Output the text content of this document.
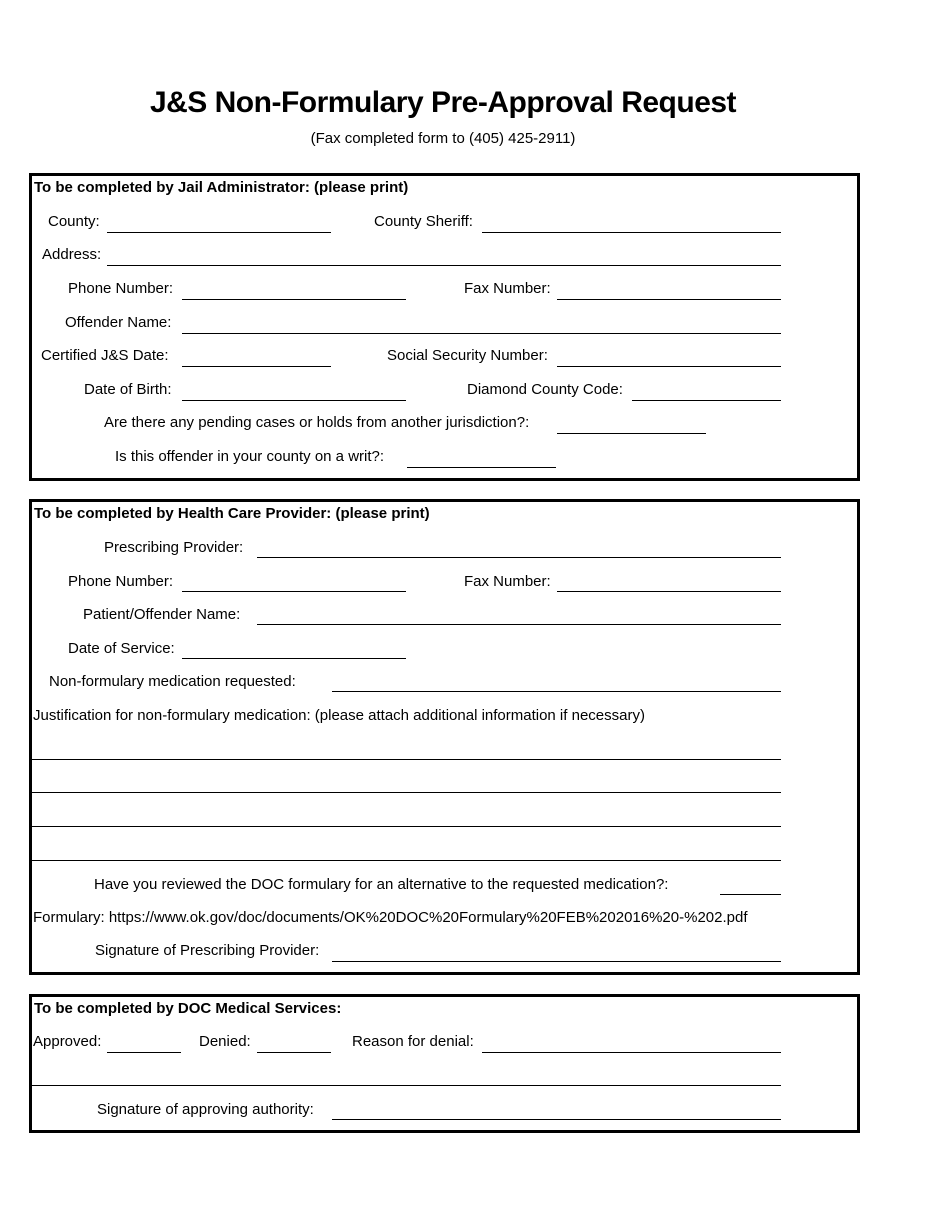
J&S Non-Formulary Pre-Approval Request
(Fax completed form to (405) 425-2911)
To be completed by Jail Administrator: (please print)
County:	County Sheriff:
Address:
Phone Number:	Fax Number:
Offender Name:
Certified J&S Date:	Social Security Number:
Date of Birth:	Diamond County Code:
Are there any pending cases or holds from another jurisdiction?:
Is this offender in your county on a writ?:
To be completed by Health Care Provider: (please print)
Prescribing Provider:
Phone Number:	Fax Number:
Patient/Offender Name:
Date of Service:
Non-formulary medication requested:
Justification for non-formulary medication: (please attach additional information if necessary)
Have you reviewed the DOC formulary for an alternative to the requested medication?:
Formulary: https://www.ok.gov/doc/documents/OK%20DOC%20Formulary%20FEB%202016%20-%202.pdf
Signature of Prescribing Provider:
To be completed by DOC Medical Services:
Approved:	Denied:	Reason for denial:
Signature of approving authority:
